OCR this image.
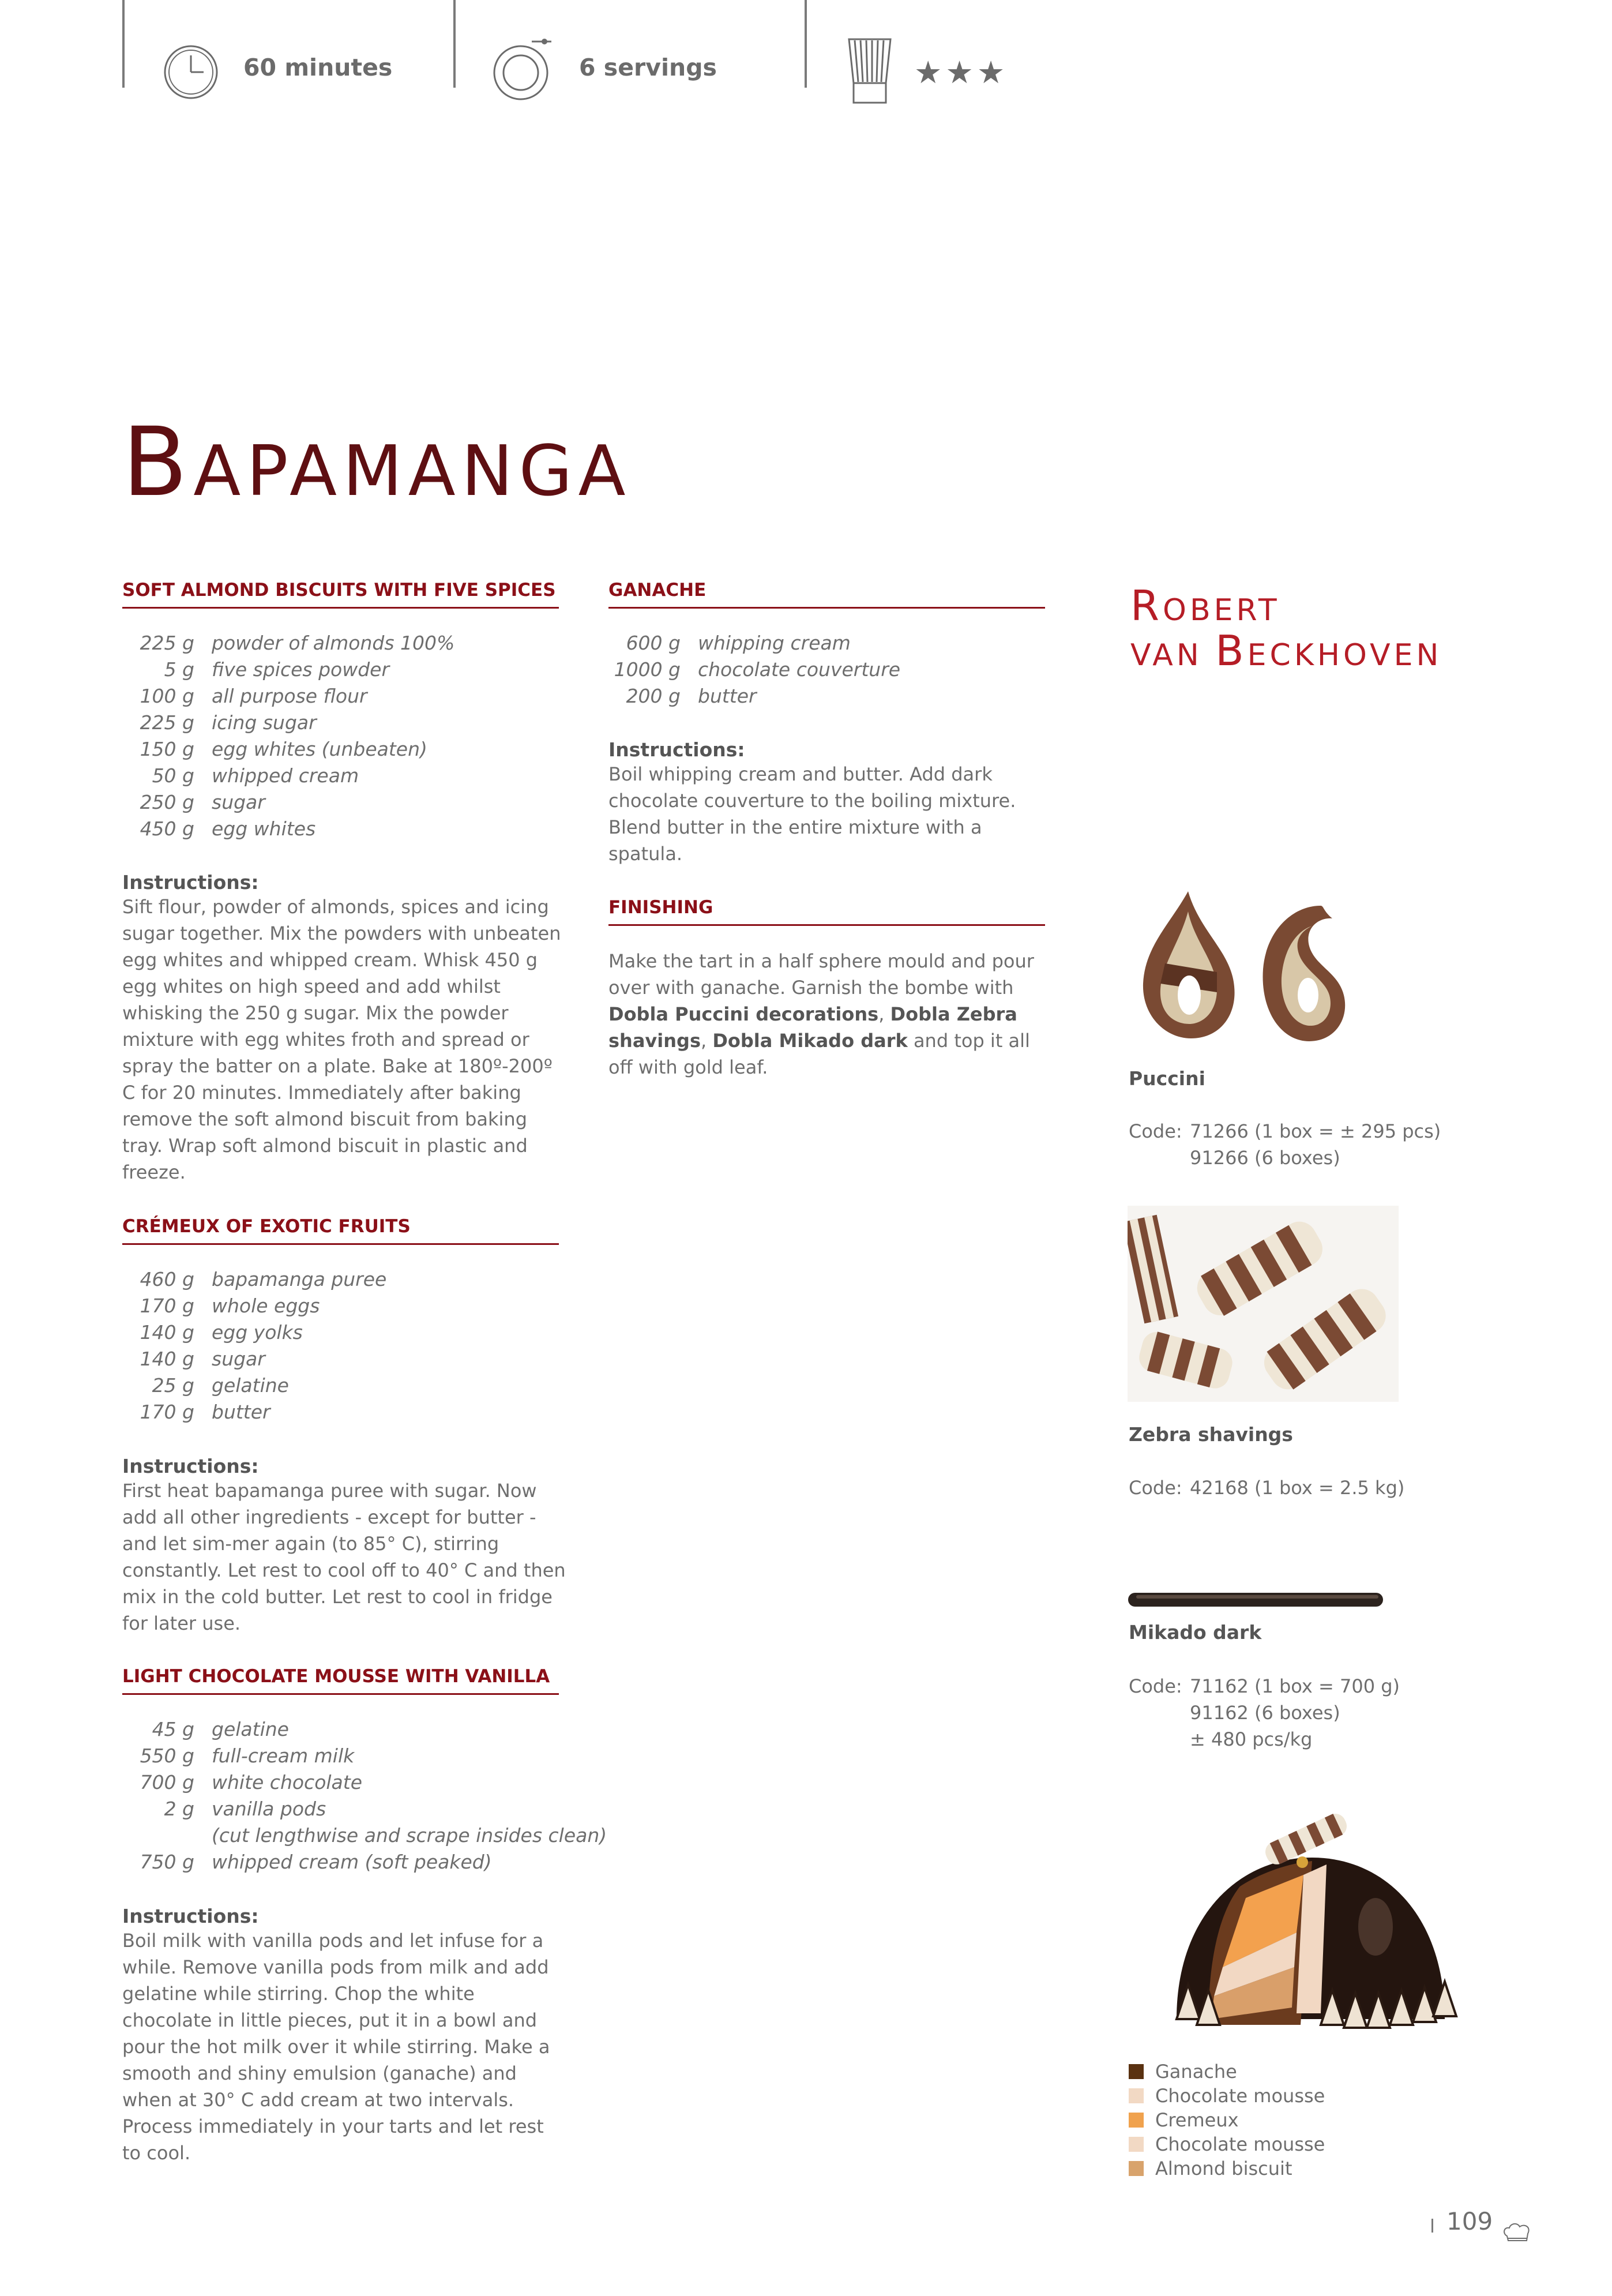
60 minutes	6 servings	★★★
BAPAMANGA
SOFT ALMOND BISCUITS WITH FIVE SPICES
225 g powder of almonds 100%
5 g five spices powder
100 g all purpose flour
225 g icing sugar
150 g egg whites (unbeaten)
50 g whipped cream
250 g sugar
450 g egg whites
Instructions:
Sift flour, powder of almonds, spices and icing sugar together. Mix the powders with unbeaten egg whites and whipped cream. Whisk 450 g egg whites on high speed and add whilst whisking the 250 g sugar. Mix the powder mixture with egg whites froth and spread or spray the batter on a plate. Bake at 180º-200º C for 20 minutes. Immediately after baking remove the soft almond biscuit from baking tray. Wrap soft almond biscuit in plastic and freeze.
CRÉMEUX OF EXOTIC FRUITS
460 g bapamanga puree
170 g whole eggs
140 g egg yolks
140 g sugar
25 g gelatine
170 g butter
Instructions:
First heat bapamanga puree with sugar. Now add all other ingredients - except for butter - and let sim-mer again (to 85° C), stirring constantly. Let rest to cool off to 40° C and then mix in the cold butter. Let rest to cool in fridge for later use.
LIGHT CHOCOLATE MOUSSE WITH VANILLA
45 g gelatine
550 g full-cream milk
700 g white chocolate
2 g vanilla pods
(cut lengthwise and scrape insides clean)
750 g whipped cream (soft peaked)
Instructions:
Boil milk with vanilla pods and let infuse for a while. Remove vanilla pods from milk and add gelatine while stirring. Chop the white chocolate in little pieces, put it in a bowl and pour the hot milk over it while stirring. Make a smooth and shiny emulsion (ganache) and when at 30° C add cream at two intervals. Process immediately in your tarts and let rest to cool.
GANACHE
600 g whipping cream
1000 g chocolate couverture
200 g butter
Instructions:
Boil whipping cream and butter. Add dark chocolate couverture to the boiling mixture. Blend butter in the entire mixture with a spatula.
FINISHING
Make the tart in a half sphere mould and pour over with ganache. Garnish the bombe with Dobla Puccini decorations, Dobla Zebra shavings, Dobla Mikado dark and top it all off with gold leaf.
ROBERT
VAN BECKHOVEN
Puccini
Code: 71266 (1 box = ± 295 pcs)
91266 (6 boxes)
Zebra shavings
Code: 42168 (1 box = 2.5 kg)
Mikado dark
Code: 71162 (1 box = 700 g)
91162 (6 boxes)
± 480 pcs/kg
Ganache
Chocolate mousse
Cremeux
Chocolate mousse
Almond biscuit
109
